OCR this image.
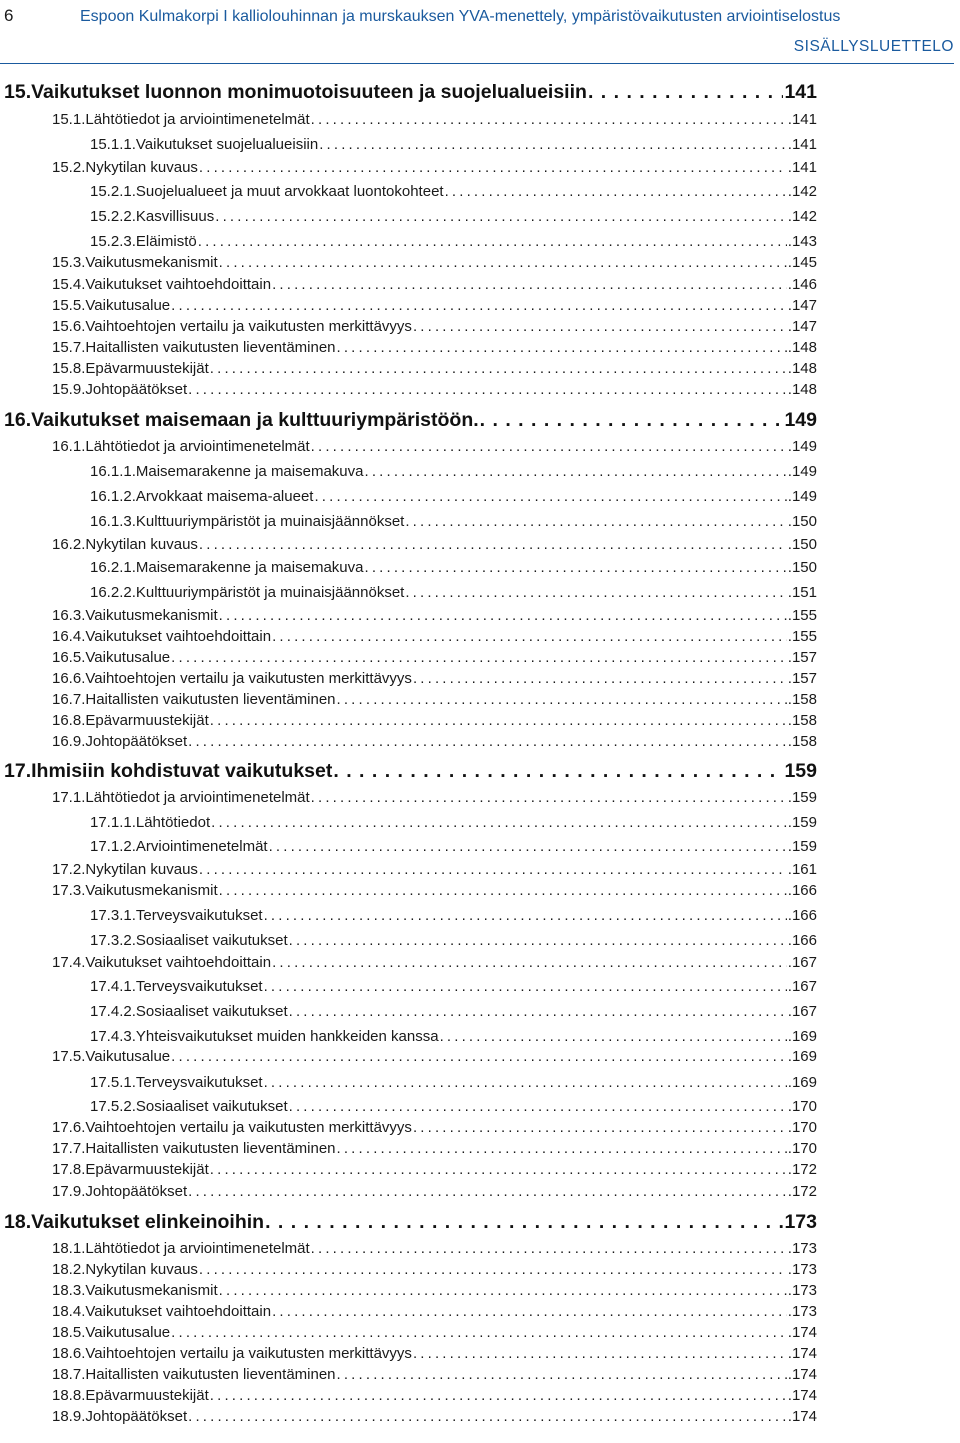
6	Espoon Kulmakorpi I kalliolouhinnan ja murskauksen YVA-menettely, ympäristövaikutusten arviointiselostus
SISÄLLYSLUETTELO
15. Vaikutukset luonnon monimuotoisuuteen ja suojelualueisiin . . .	141
15.1. Lähtötiedot ja arviointimenetelmät . . .	.141
15.1.1. Vaikutukset suojelualueisiin . . .	.141
15.2. Nykytilan kuvaus . . .	.141
15.2.1. Suojelualueet ja muut arvokkaat luontokohteet . . .	.142
15.2.2. Kasvillisuus . . .	.142
15.2.3. Eläimistö . . .	.143
15.3. Vaikutusmekanismit . . .	.145
15.4. Vaikutukset vaihtoehdoittain . . .	.146
15.5. Vaikutusalue . . .	.147
15.6. Vaihtoehtojen vertailu ja vaikutusten merkittävyys . . .	.147
15.7. Haitallisten vaikutusten lieventäminen . . .	.148
15.8. Epävarmuustekijät . . .	.148
15.9. Johtopäätökset . . .	.148
16. Vaikutukset maisemaan ja kulttuuriympäristöön. . . .	149
16.1. Lähtötiedot ja arviointimenetelmät . . .	.149
16.1.1. Maisemarakenne ja maisemakuva . . .	.149
16.1.2. Arvokkaat maisema-alueet . . .	.149
16.1.3. Kulttuuriympäristöt ja muinaisjäännökset . . .	.150
16.2. Nykytilan kuvaus . . .	.150
16.2.1. Maisemarakenne ja maisemakuva . . .	.150
16.2.2. Kulttuuriympäristöt ja muinaisjäännökset . . .	.151
16.3. Vaikutusmekanismit . . .	.155
16.4. Vaikutukset vaihtoehdoittain . . .	.155
16.5. Vaikutusalue . . .	.157
16.6. Vaihtoehtojen vertailu ja vaikutusten merkittävyys . . .	.157
16.7. Haitallisten vaikutusten lieventäminen . . .	.158
16.8. Epävarmuustekijät . . .	.158
16.9. Johtopäätökset . . .	.158
17. Ihmisiin kohdistuvat vaikutukset . . .	159
17.1. Lähtötiedot ja arviointimenetelmät . . .	.159
17.1.1. Lähtötiedot . . .	.159
17.1.2. Arviointimenetelmät . . .	.159
17.2. Nykytilan kuvaus . . .	.161
17.3. Vaikutusmekanismit . . .	.166
17.3.1. Terveysvaikutukset . . .	.166
17.3.2. Sosiaaliset vaikutukset . . .	.166
17.4. Vaikutukset vaihtoehdoittain . . .	.167
17.4.1. Terveysvaikutukset . . .	.167
17.4.2. Sosiaaliset vaikutukset . . .	.167
17.4.3. Yhteisvaikutukset muiden hankkeiden kanssa . . .	.169
17.5. Vaikutusalue . . .	.169
17.5.1. Terveysvaikutukset . . .	.169
17.5.2. Sosiaaliset vaikutukset . . .	.170
17.6. Vaihtoehtojen vertailu ja vaikutusten merkittävyys . . .	.170
17.7. Haitallisten vaikutusten lieventäminen . . .	.170
17.8. Epävarmuustekijät . . .	.172
17.9. Johtopäätökset . . .	.172
18. Vaikutukset elinkeinoihin . . .	173
18.1. Lähtötiedot ja arviointimenetelmät . . .	.173
18.2. Nykytilan kuvaus . . .	.173
18.3. Vaikutusmekanismit . . .	.173
18.4. Vaikutukset vaihtoehdoittain . . .	.173
18.5. Vaikutusalue . . .	.174
18.6. Vaihtoehtojen vertailu ja vaikutusten merkittävyys . . .	.174
18.7. Haitallisten vaikutusten lieventäminen . . .	.174
18.8. Epävarmuustekijät . . .	.174
18.9. Johtopäätökset . . .	.174
